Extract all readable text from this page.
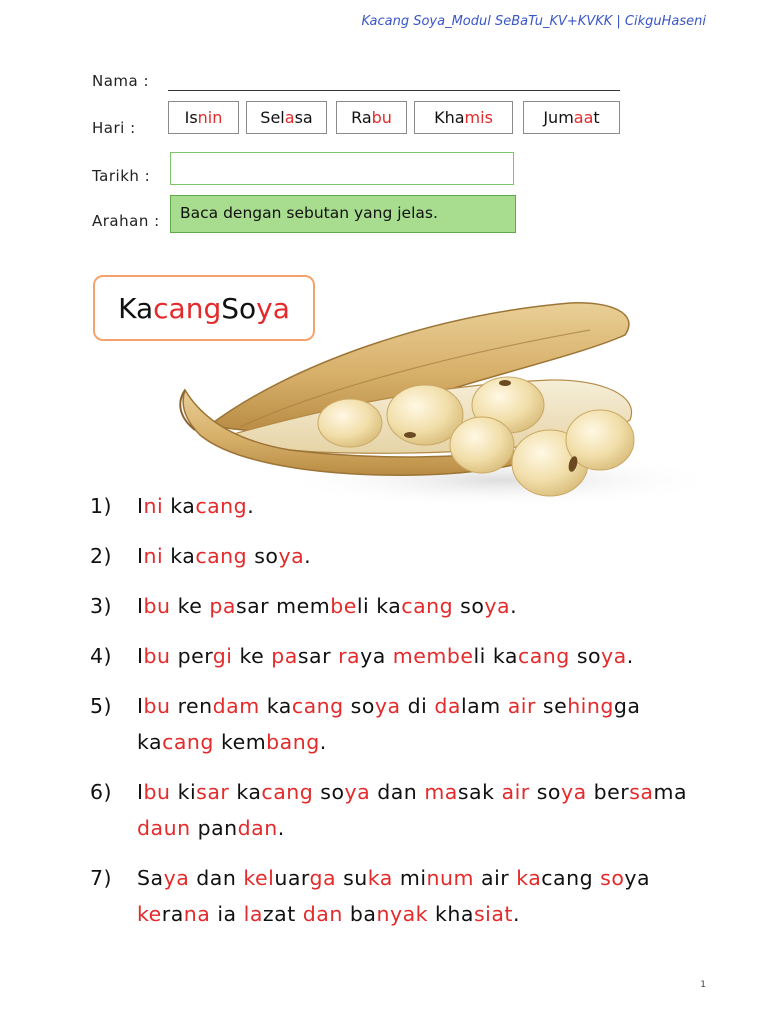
Kacang Soya_Modul SeBaTu_KV+KVKK | CikguHaseni
Nama :
Hari :
Is nin Sel a sa Ra bu	Kha mis	Jum aa t
Tarikh :
Arahan :	Baca dengan sebutan yang jelas.
Ka cang So ya
1)	Ini kacang.
2)	Ini kacang soya.
3)	Ibu ke pasar membeli kacang soya.
4)	Ibu pergi ke pasar raya membeli kacang soya.
5)	Ibu rendam kacang soya di dalam air sehingga kacang kembang.
6)	Ibu kisar kacang soya dan masak air soya bersama daun pandan.
7)	Saya dan keluarga suka minum air kacang soya kerana ia lazat dan banyak khasiat.
1
